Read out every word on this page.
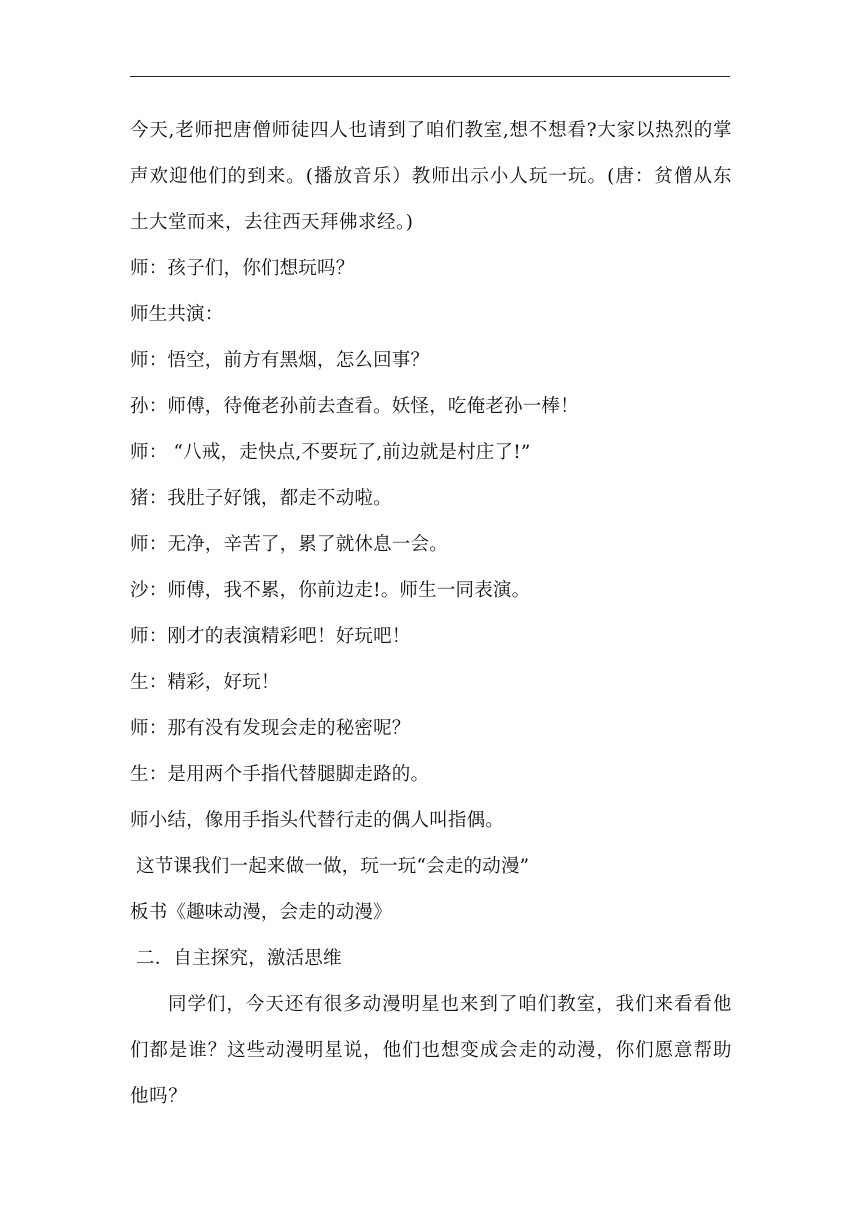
今天,老师把唐僧师徒四人也请到了咱们教室,想不想看?大家以热烈的掌声欢迎他们的到来。(播放音乐）教师出示小人玩一玩。(唐：贫僧从东土大堂而来，去往西天拜佛求经。)
师：孩子们，你们想玩吗？
师生共演：
师：悟空，前方有黑烟，怎么回事？
孙：师傅，待俺老孙前去查看。妖怪，吃俺老孙一棒！
师： “八戒，走快点,不要玩了,前边就是村庄了!”
猪：我肚子好饿，都走不动啦。
师：无净，辛苦了，累了就休息一会。
沙：师傅，我不累，你前边走!。师生一同表演。
师：刚才的表演精彩吧！好玩吧！
生：精彩，好玩！
师：那有没有发现会走的秘密呢？
生：是用两个手指代替腿脚走路的。
师小结，像用手指头代替行走的偶人叫指偶。
这节课我们一起来做一做，玩一玩“会走的动漫”
板书《趣味动漫，会走的动漫》
二．自主探究，激活思维
同学们，今天还有很多动漫明星也来到了咱们教室，我们来看看他们都是谁？这些动漫明星说，他们也想变成会走的动漫，你们愿意帮助他吗？
